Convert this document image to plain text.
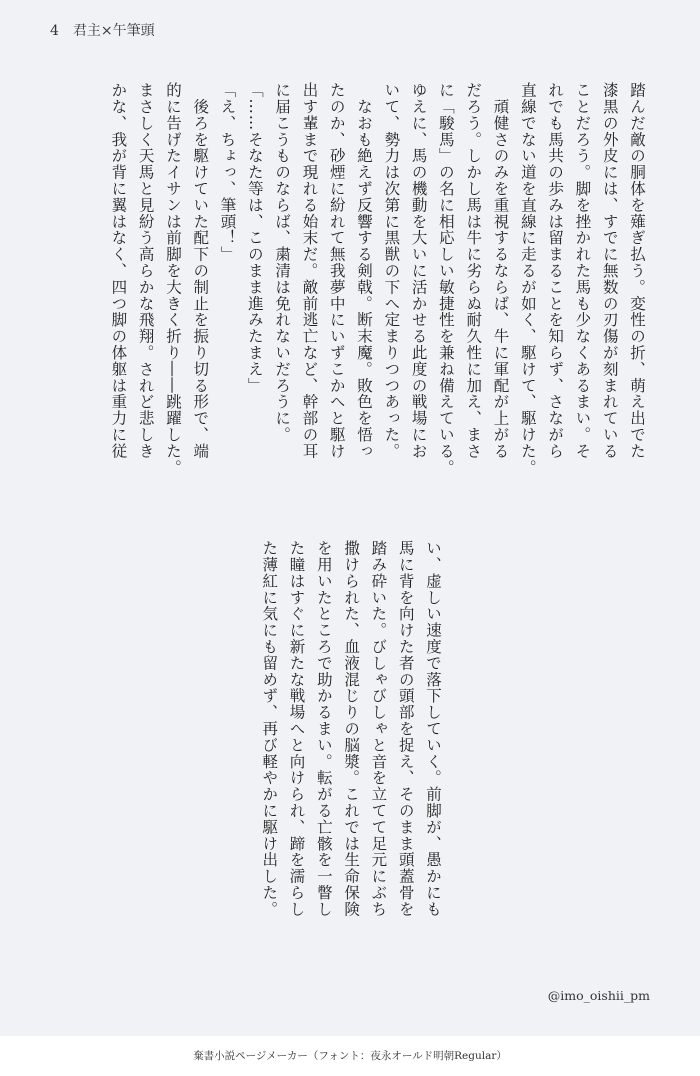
4 君主×午筆頭
踏んだ敵の胴体を薙ぎ払う。変性の折、萌え出でた
漆黒の外皮には、すでに無数の刃傷が刻まれている
ことだろう。脚を挫かれた馬も少なくあるまい。そ
れでも馬共の歩みは留まることを知らず、さながら
直線でない道を直線に走るが如く、駆けて、駆けた。
　頑健さのみを重視するならば、牛に軍配が上がる
だろう。しかし馬は牛に劣らぬ耐久性に加え、まさ
に「駿馬」の名に相応しい敏捷性を兼ね備えている。
ゆえに、馬の機動を大いに活かせる此度の戦場にお
いて、勢力は次第に黒獣の下へ定まりつつあった。
　なおも絶えず反響する剣戟。断末魔。敗色を悟っ
たのか、砂煙に紛れて無我夢中にいずこかへと駆け
出す輩まで現れる始末だ。敵前逃亡など、幹部の耳
に届こうものならば、粛清は免れないだろうに。
「……そなた等は、このまま進みたまえ」
「え、ちょっ、筆頭！」
　後ろを駆けていた配下の制止を振り切る形で、端
的に告げたイサンは前脚を大きく折り――跳躍した。
まさしく天馬と見紛う高らかな飛翔。されど悲しき
かな、我が背に翼はなく、四つ脚の体躯は重力に従
い、虚しい速度で落下していく。前脚が、愚かにも
馬に背を向けた者の頭部を捉え、そのまま頭蓋骨を
踏み砕いた。びしゃびしゃと音を立てて足元にぶち
撒けられた、血液混じりの脳漿。これでは生命保険
を用いたところで助かるまい。転がる亡骸を一瞥し
た瞳はすぐに新たな戦場へと向けられ、蹄を濡らし
た薄紅に気にも留めず、再び軽やかに駆け出した。
@imo_oishii_pm
棄書小説ページメーカー（フォント：夜永オールド明朝Regular）
